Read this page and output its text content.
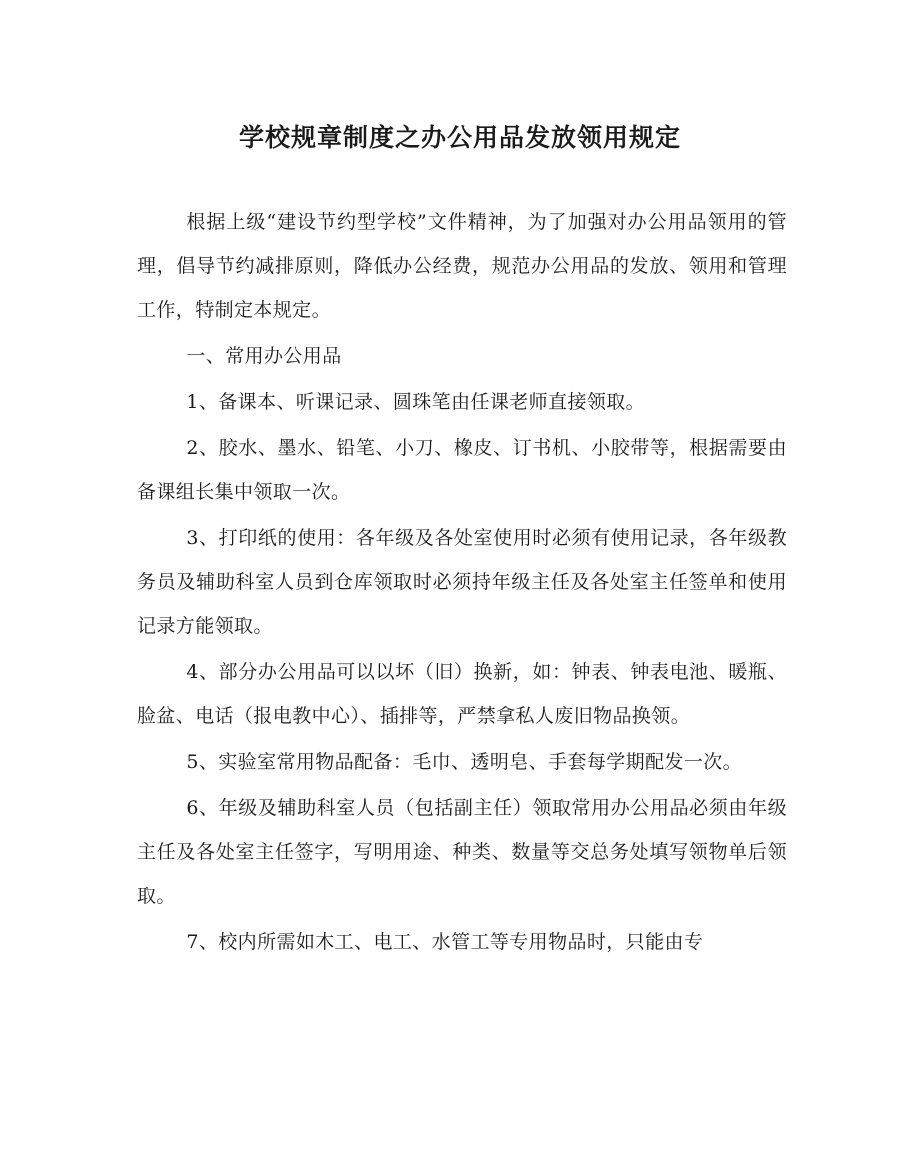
学校规章制度之办公用品发放领用规定

根据上级“建设节约型学校”文件精神，为了加强对办公用品领用的管理，倡导节约减排原则，降低办公经费，规范办公用品的发放、领用和管理工作，特制定本规定。

一、常用办公用品

1、备课本、听课记录、圆珠笔由任课老师直接领取。

2、胶水、墨水、铅笔、小刀、橡皮、订书机、小胶带等，根据需要由备课组长集中领取一次。

3、打印纸的使用：各年级及各处室使用时必须有使用记录，各年级教务员及辅助科室人员到仓库领取时必须持年级主任及各处室主任签单和使用记录方能领取。

4、部分办公用品可以以坏（旧）换新，如：钟表、钟表电池、暖瓶、脸盆、电话（报电教中心）、插排等，严禁拿私人废旧物品换领。

5、实验室常用物品配备：毛巾、透明皂、手套每学期配发一次。

6、年级及辅助科室人员（包括副主任）领取常用办公用品必须由年级主任及各处室主任签字，写明用途、种类、数量等交总务处填写领物单后领取。

7、校内所需如木工、电工、水管工等专用物品时，只能由专
